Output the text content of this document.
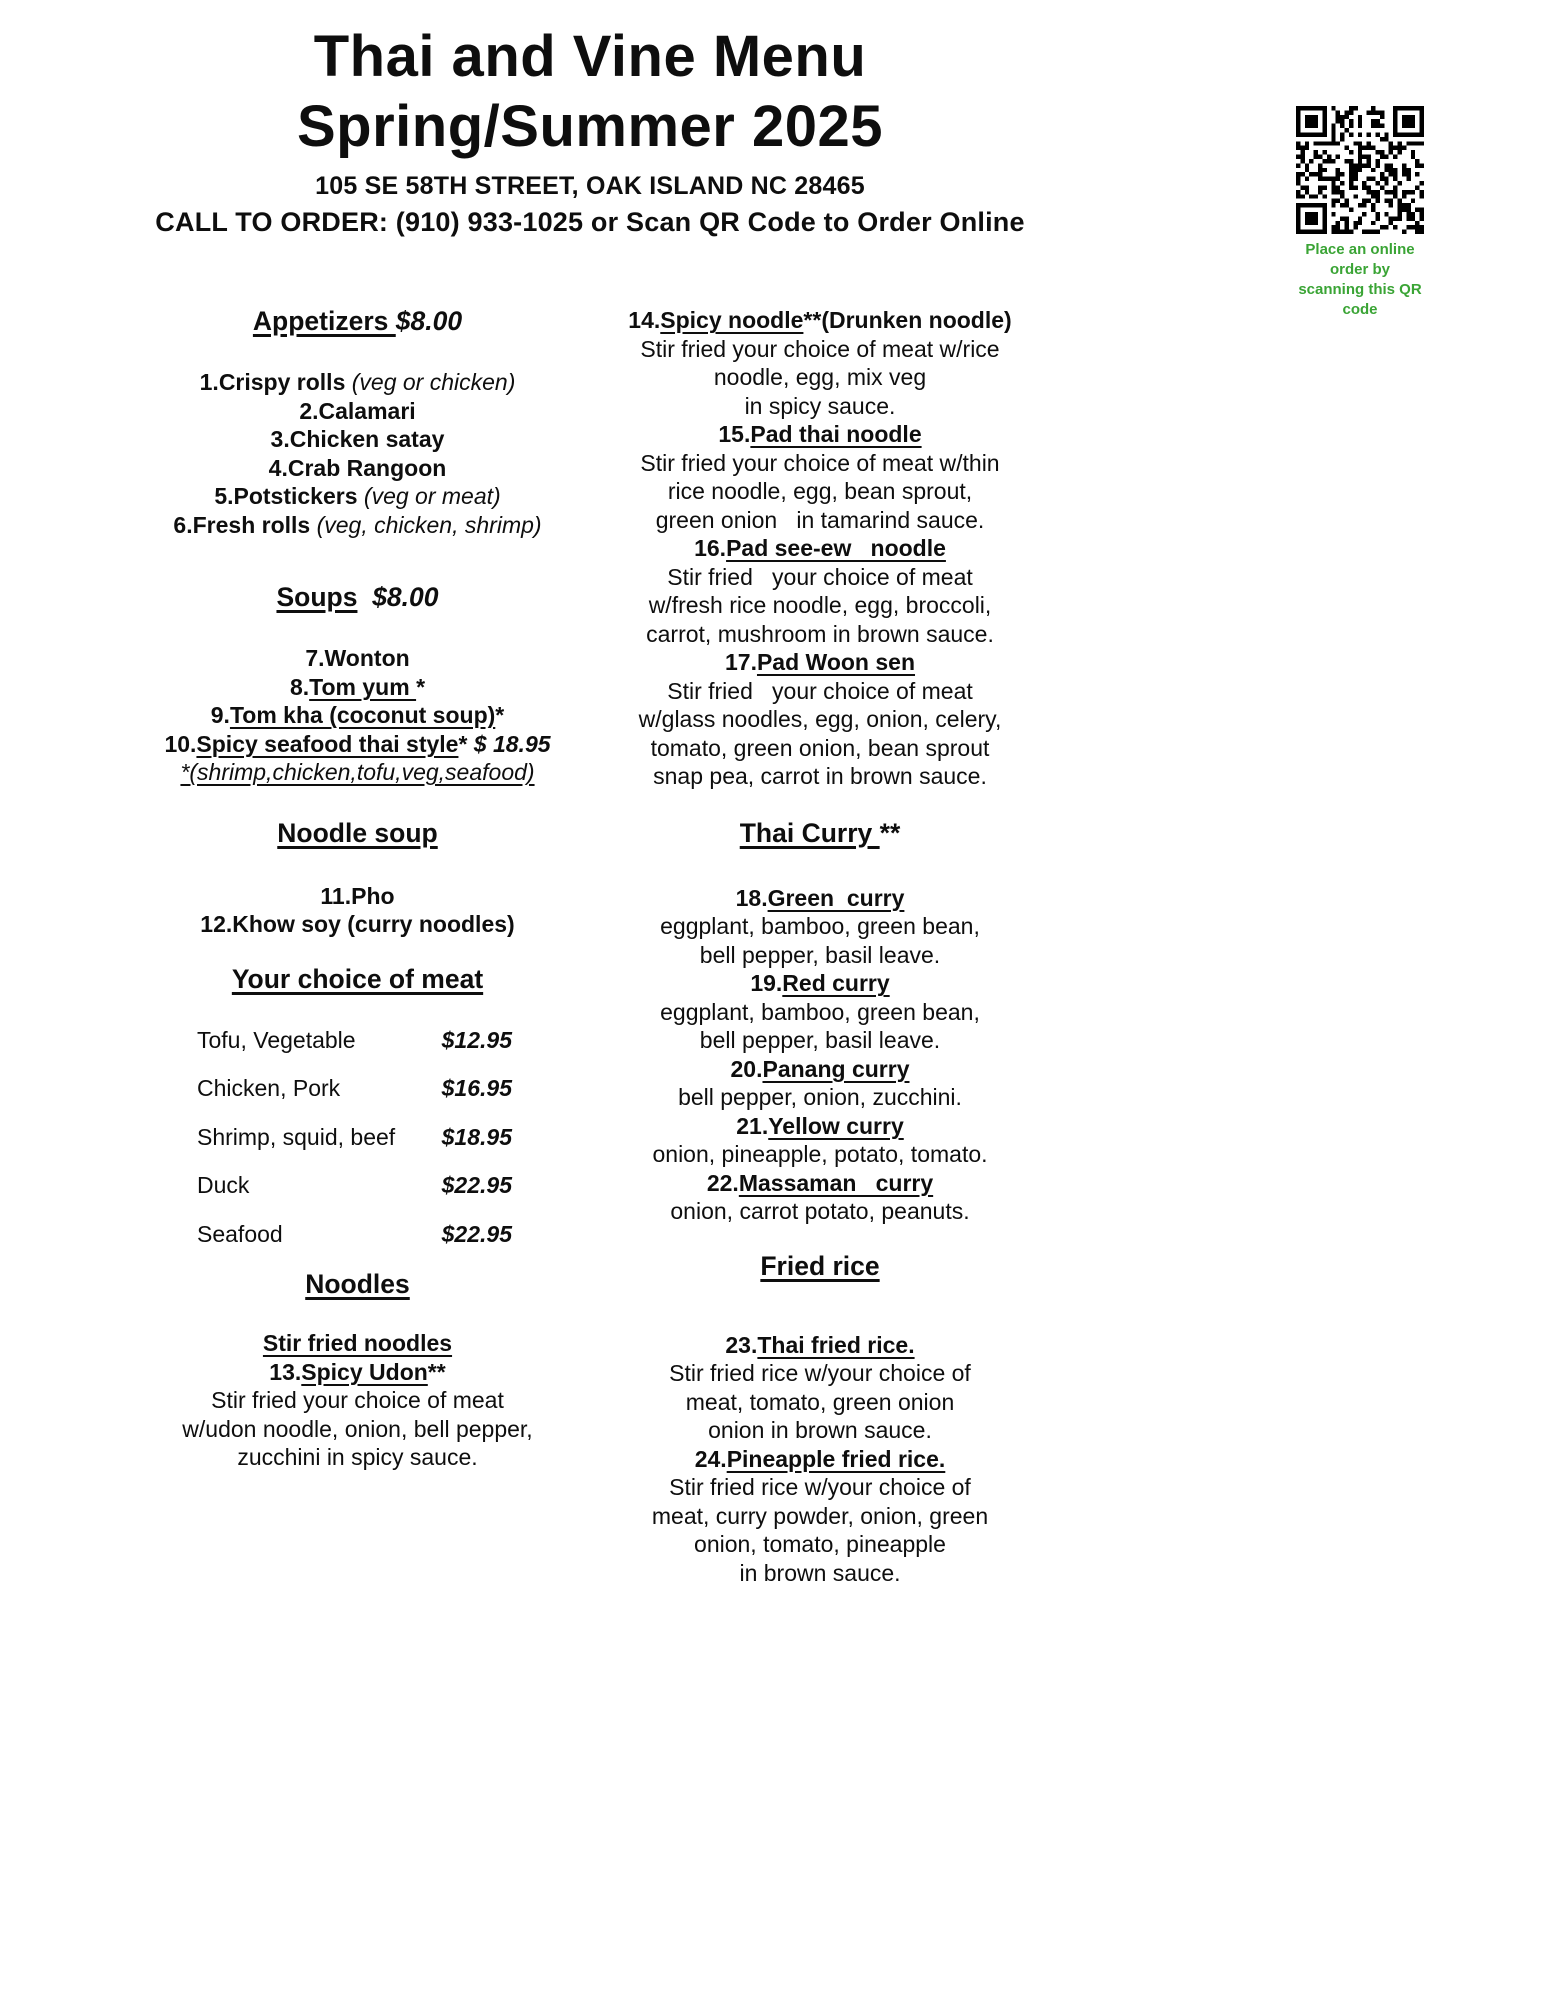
Thai and Vine Menu
Spring/Summer 2025
105 SE 58TH STREET, OAK ISLAND NC 28465
CALL TO ORDER: (910) 933-1025 or Scan QR Code to Order Online
Place an online order by
scanning this QR code
Appetizers $8.00
1.Crispy rolls (veg or chicken)
2.Calamari
3.Chicken satay
4.Crab Rangoon
5.Potstickers (veg or meat)
6.Fresh rolls (veg, chicken, shrimp)
Soups $8.00
7.Wonton
8.Tom yum *
9.Tom kha (coconut soup)*
10.Spicy seafood thai style* $ 18.95
*(shrimp,chicken,tofu,veg,seafood)
Noodle soup
11.Pho
12.Khow soy (curry noodles)
Your choice of meat
Tofu, Vegetable	$12.95
Chicken, Pork	$16.95
Shrimp, squid, beef $18.95
Duck	$22.95
Seafood	$22.95
Noodles
Stir fried noodles
13.Spicy Udon**
Stir fried your choice of meat
w/udon noodle, onion, bell pepper,
zucchini in spicy sauce.
14.Spicy noodle**(Drunken noodle)
Stir fried your choice of meat w/rice
noodle, egg, mix veg
in spicy sauce.
15.Pad thai noodle
Stir fried your choice of meat w/thin
rice noodle, egg, bean sprout,
green onion   in tamarind sauce.
16.Pad see-ew   noodle
Stir fried   your choice of meat
w/fresh rice noodle, egg, broccoli,
carrot, mushroom in brown sauce.
17.Pad Woon sen
Stir fried   your choice of meat
w/glass noodles, egg, onion, celery,
tomato, green onion, bean sprout
snap pea, carrot in brown sauce.
Thai Curry **
18.Green  curry
eggplant, bamboo, green bean,
bell pepper, basil leave.
19.Red curry
eggplant, bamboo, green bean,
bell pepper, basil leave.
20.Panang curry
bell pepper, onion, zucchini.
21.Yellow curry
onion, pineapple, potato, tomato.
22.Massaman   curry
onion, carrot potato, peanuts.
Fried rice
23.Thai fried rice.
Stir fried rice w/your choice of
meat, tomato, green onion
onion in brown sauce.
24.Pineapple fried rice.
Stir fried rice w/your choice of
meat, curry powder, onion, green
onion, tomato, pineapple
in brown sauce.
